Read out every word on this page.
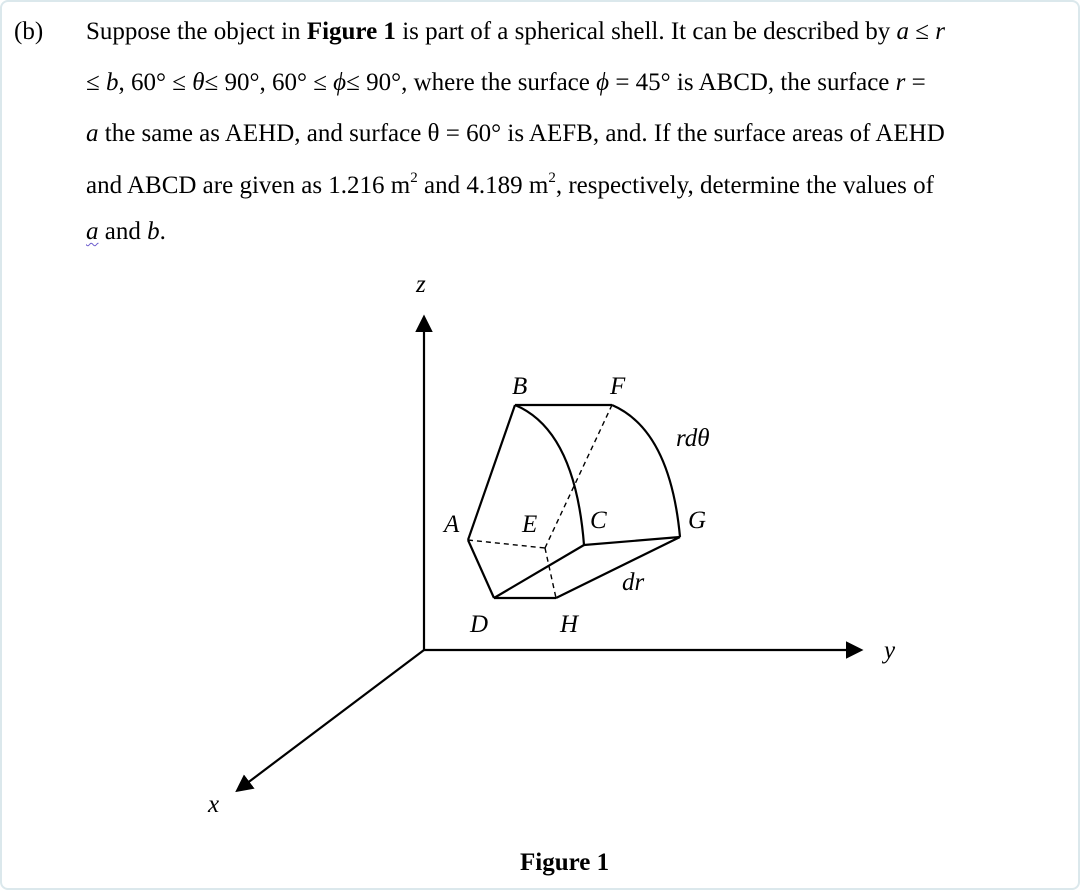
(b) Suppose the object in Figure 1 is part of a spherical shell. It can be described by a ≤ r
≤ b, 60° ≤ θ≤ 90°, 60° ≤ ϕ≤ 90°, where the surface ϕ = 45° is ABCD, the surface r =
a the same as AEHD, and surface θ = 60° is AEFB, and. If the surface areas of AEHD
and ABCD are given as 1.216 $m^2$ and 4.189 $m^2$, respectively, determine the values of
a and b.
z
y
x
B	F
rdθ
A	E C	G
dr
D	H
Figure 1
